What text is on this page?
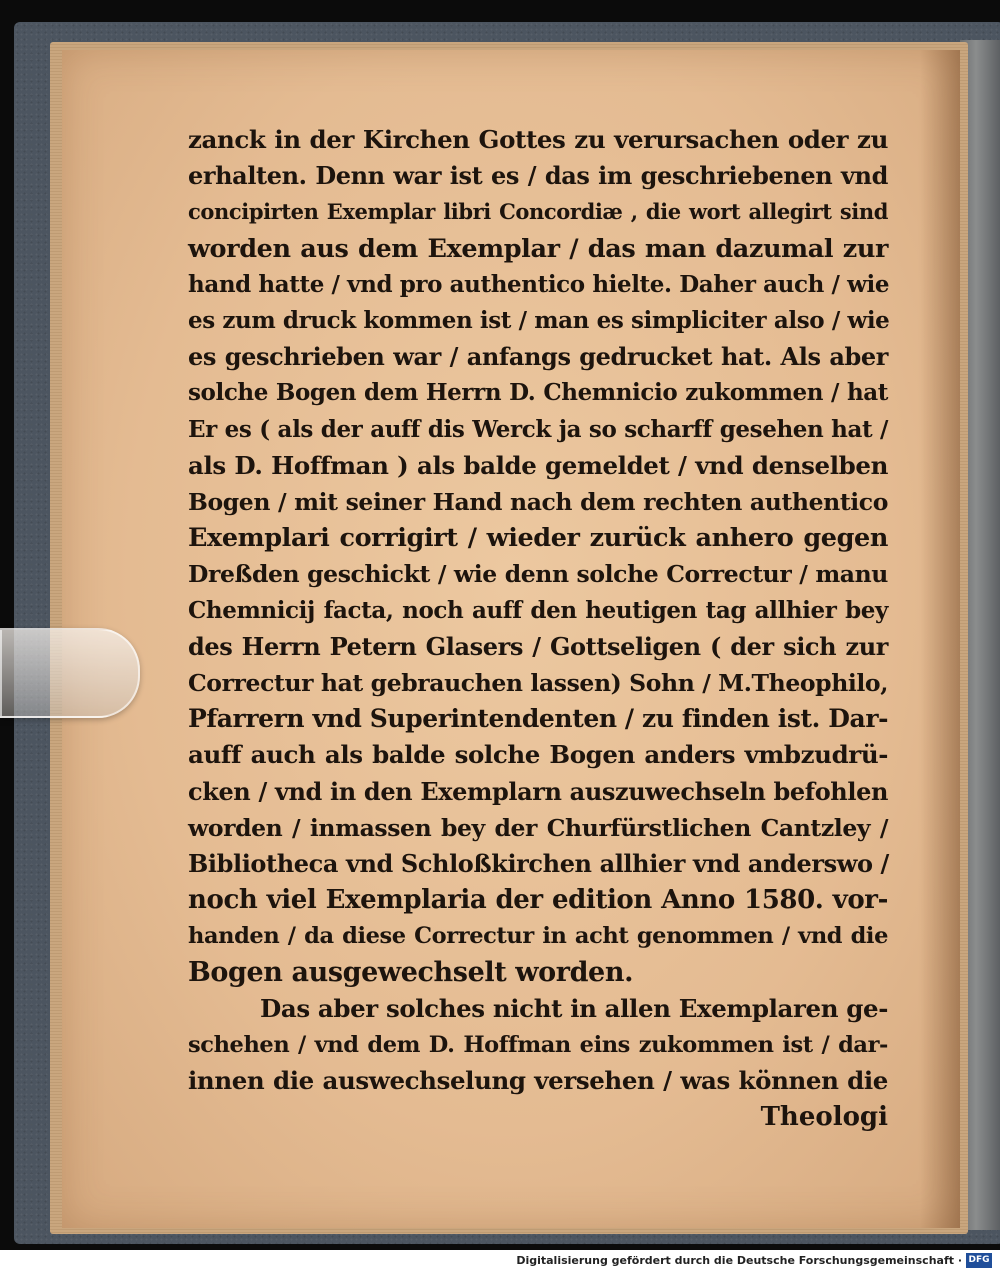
zanck in der Kirchen Gottes zu verursachen oder zu
erhalten. Denn war ist es / das im geschriebenen vnd
concipirten Exemplar libri Concordiæ , die wort allegirt sind
worden aus dem Exemplar / das man dazumal zur
hand hatte / vnd pro authentico hielte. Daher auch / wie
es zum druck kommen ist / man es simpliciter also / wie
es geschrieben war / anfangs gedrucket hat. Als aber
solche Bogen dem Herrn D. Chemnicio zukommen / hat
Er es ( als der auff dis Werck ja so scharff gesehen hat /
als D. Hoffman ) als balde gemeldet / vnd denselben
Bogen / mit seiner Hand nach dem rechten authentico
Exemplari corrigirt / wieder zurück anhero gegen
Dreßden geschickt / wie denn solche Correctur / manu
Chemnicij facta, noch auff den heutigen tag allhier bey
des Herrn Petern Glasers / Gottseligen ( der sich zur
Correctur hat gebrauchen lassen) Sohn / M.Theophilo,
Pfarrern vnd Superintendenten / zu finden ist. Dar-
auff auch als balde solche Bogen anders vmbzudrü-
cken / vnd in den Exemplarn auszuwechseln befohlen
worden / inmassen bey der Churfürstlichen Cantzley /
Bibliotheca vnd Schloßkirchen allhier vnd anderswo /
noch viel Exemplaria der edition Anno 1580. vor-
handen / da diese Correctur in acht genommen / vnd die
Bogen ausgewechselt worden.
Das aber solches nicht in allen Exemplaren ge-
schehen / vnd dem D. Hoffman eins zukommen ist / dar-
innen die auswechselung versehen / was können die
Theologi
Digitalisierung gefördert durch die Deutsche Forschungsgemeinschaft · DFG
